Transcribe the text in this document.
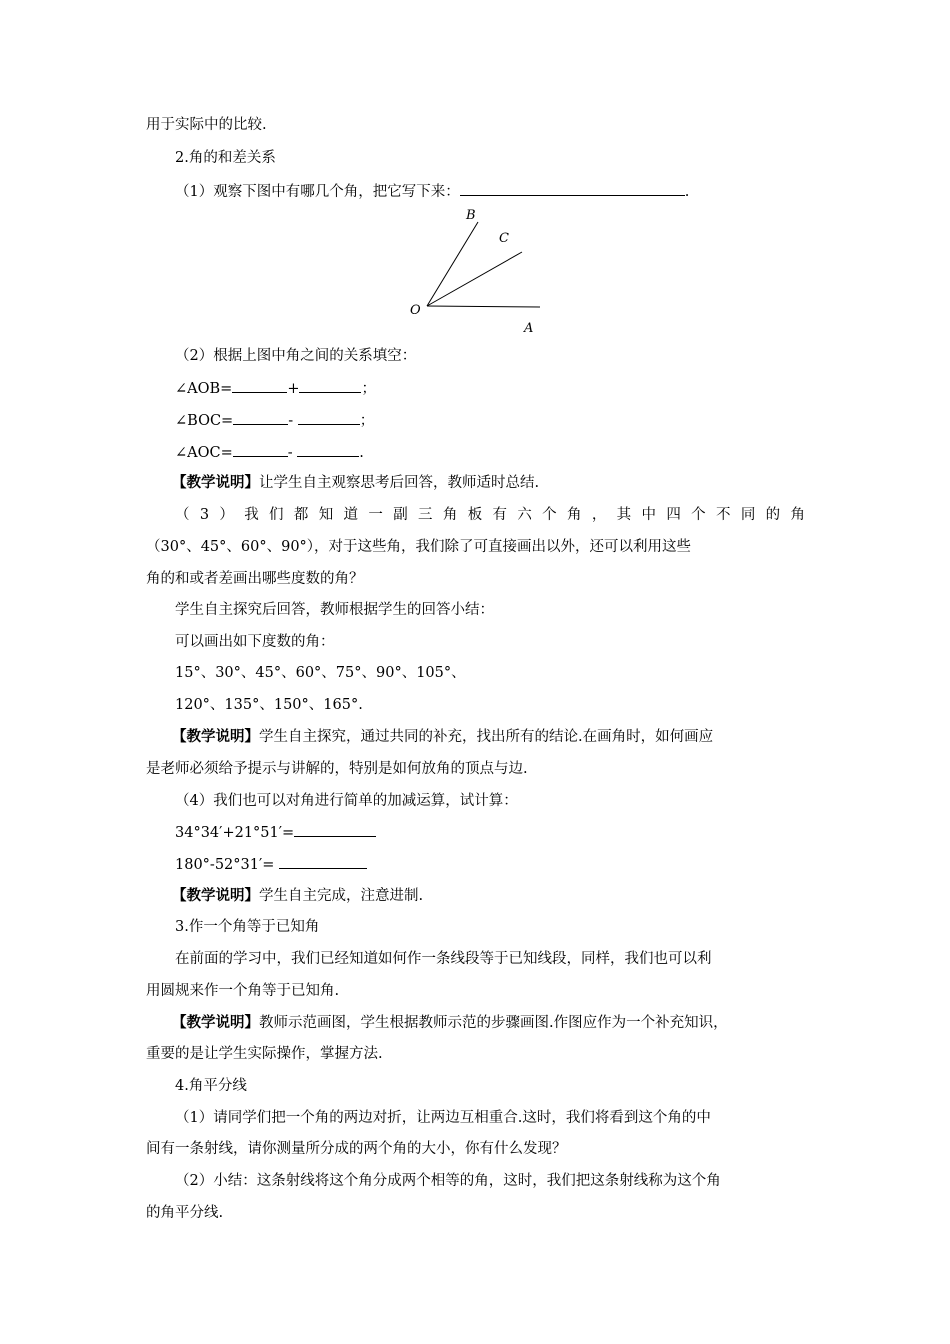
用于实际中的比较.
2.角的和差关系
（1）观察下图中有哪几个角，把它写下来：	.
O
A
B
C
（2）根据上图中角之间的关系填空：
∠AOB=	+	；
∠BOC=	-	；
∠AOC=	-	.
【教学说明】让学生自主观察思考后回答，教师适时总结.
（3）我们都知道一副三角板有六个角，其中四个不同的角
（30°、45°、60°、90°），对于这些角，我们除了可直接画出以外，还可以利用这些
角的和或者差画出哪些度数的角？
学生自主探究后回答，教师根据学生的回答小结：
可以画出如下度数的角：
15°、30°、45°、60°、75°、90°、105°、
120°、135°、150°、165°.
【教学说明】学生自主探究，通过共同的补充，找出所有的结论.在画角时，如何画应
是老师必须给予提示与讲解的，特别是如何放角的顶点与边.
（4）我们也可以对角进行简单的加减运算，试计算：
34°34′+21°51′=
180°-52°31′=
【教学说明】学生自主完成，注意进制.
3.作一个角等于已知角
在前面的学习中，我们已经知道如何作一条线段等于已知线段，同样，我们也可以利
用圆规来作一个角等于已知角.
【教学说明】教师示范画图，学生根据教师示范的步骤画图.作图应作为一个补充知识，
重要的是让学生实际操作，掌握方法.
4.角平分线
（1）请同学们把一个角的两边对折，让两边互相重合.这时，我们将看到这个角的中
间有一条射线，请你测量所分成的两个角的大小，你有什么发现？
（2）小结：这条射线将这个角分成两个相等的角，这时，我们把这条射线称为这个角
的角平分线.
